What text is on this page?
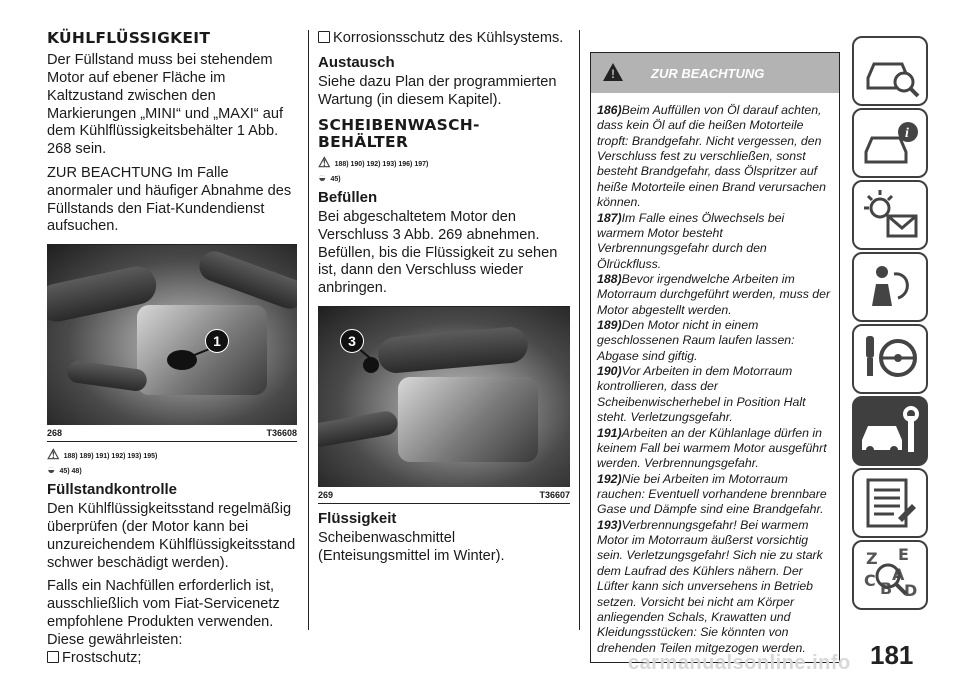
KÜHLFLÜSSIGKEIT

Der Füllstand muss bei stehendem Motor auf ebener Fläche im Kaltzustand zwischen den Markierungen „MINI“ und „MAXI“ auf dem Kühlflüssigkeitsbehälter 1 Abb. 268 sein.

ZUR BEACHTUNG Im Falle anormaler und häufiger Abnahme des Füllstands den Fiat-Kundendienst aufsuchen.

1
268	T36608
⚠ 188) 189) 191) 192) 193) 195)
◒ 45) 48)
Füllstandkontrolle

Den Kühlflüssigkeitsstand regelmäßig überprüfen (der Motor kann bei unzureichendem Kühlflüssigkeitsstand schwer beschädigt werden).

Falls ein Nachfüllen erforderlich ist, ausschließlich vom Fiat-Servicenetz empfohlene Produkten verwenden. Diese gewährleisten:

Frostschutz;
Korrosionsschutz des Kühlsystems.
Austausch

Siehe dazu Plan der programmierten Wartung (in diesem Kapitel).

SCHEIBENWASCH-
BEHÄLTER
⚠ 188) 190) 192) 193) 196) 197)
◒ 45)
Befüllen

Bei abgeschaltetem Motor den Verschluss 3 Abb. 269 abnehmen. Befüllen, bis die Flüssigkeit zu sehen ist, dann den Verschluss wieder anbringen.

3
269	T36607
Flüssigkeit

Scheibenwaschmittel (Enteisungsmittel im Winter).

!	ZUR BEACHTUNG
186)Beim Auffüllen von Öl darauf achten, dass kein Öl auf die heißen Motorteile tropft: Brandgefahr. Nicht vergessen, den Verschluss fest zu verschließen, sonst besteht Brandgefahr, dass Ölspritzer auf heiße Motorteile einen Brand verursachen können.
187)Im Falle eines Ölwechsels bei warmem Motor besteht Verbrennungsgefahr durch den Ölrückfluss.
188)Bevor irgendwelche Arbeiten im Motorraum durchgeführt werden, muss der Motor abgestellt werden.
189)Den Motor nicht in einem geschlossenen Raum laufen lassen: Abgase sind giftig.
190)Vor Arbeiten in dem Motorraum kontrollieren, dass der Scheibenwischerhebel in Position Halt steht. Verletzungsgefahr.
191)Arbeiten an der Kühlanlage dürfen in keinem Fall bei warmem Motor ausgeführt werden. Verbrennungsgefahr.
192)Nie bei Arbeiten im Motorraum rauchen: Eventuell vorhandene brennbare Gase und Dämpfe sind eine Brandgefahr.
193)Verbrennungsgefahr! Bei warmem Motor im Motorraum äußerst vorsichtig sein. Verletzungsgefahr! Sich nie zu stark dem Laufrad des Kühlers nähern. Der Lüfter kann sich unversehens in Betrieb setzen. Vorsicht bei nicht am Körper anliegenden Schals, Krawatten und Kleidungsstücken: Sie könnten von drehenden Teilen mitgezogen werden.
i
Z E
A
C B D
181
carmanualsonline.info
